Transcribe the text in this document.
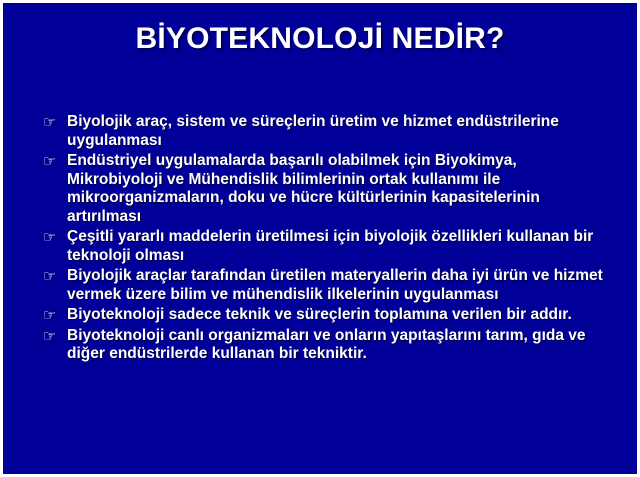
BİYOTEKNOLOJİ NEDİR?
☞ Biyolojik araç, sistem ve süreçlerin üretim ve hizmet endüstrilerine uygulanması
☞ Endüstriyel uygulamalarda başarılı olabilmek için Biyokimya, Mikrobiyoloji ve Mühendislik bilimlerinin ortak kullanımı ile mikroorganizmaların, doku ve hücre kültürlerinin kapasitelerinin artırılması
☞ Çeşitli yararlı maddelerin üretilmesi için biyolojik özellikleri kullanan bir teknoloji olması
☞ Biyolojik araçlar tarafından üretilen materyallerin daha iyi ürün ve hizmet vermek üzere bilim ve mühendislik ilkelerinin uygulanması
☞ Biyoteknoloji sadece teknik ve süreçlerin toplamına verilen bir addır.
☞ Biyoteknoloji canlı organizmaları ve onların yapıtaşlarını tarım, gıda ve diğer endüstrilerde kullanan bir tekniktir.
